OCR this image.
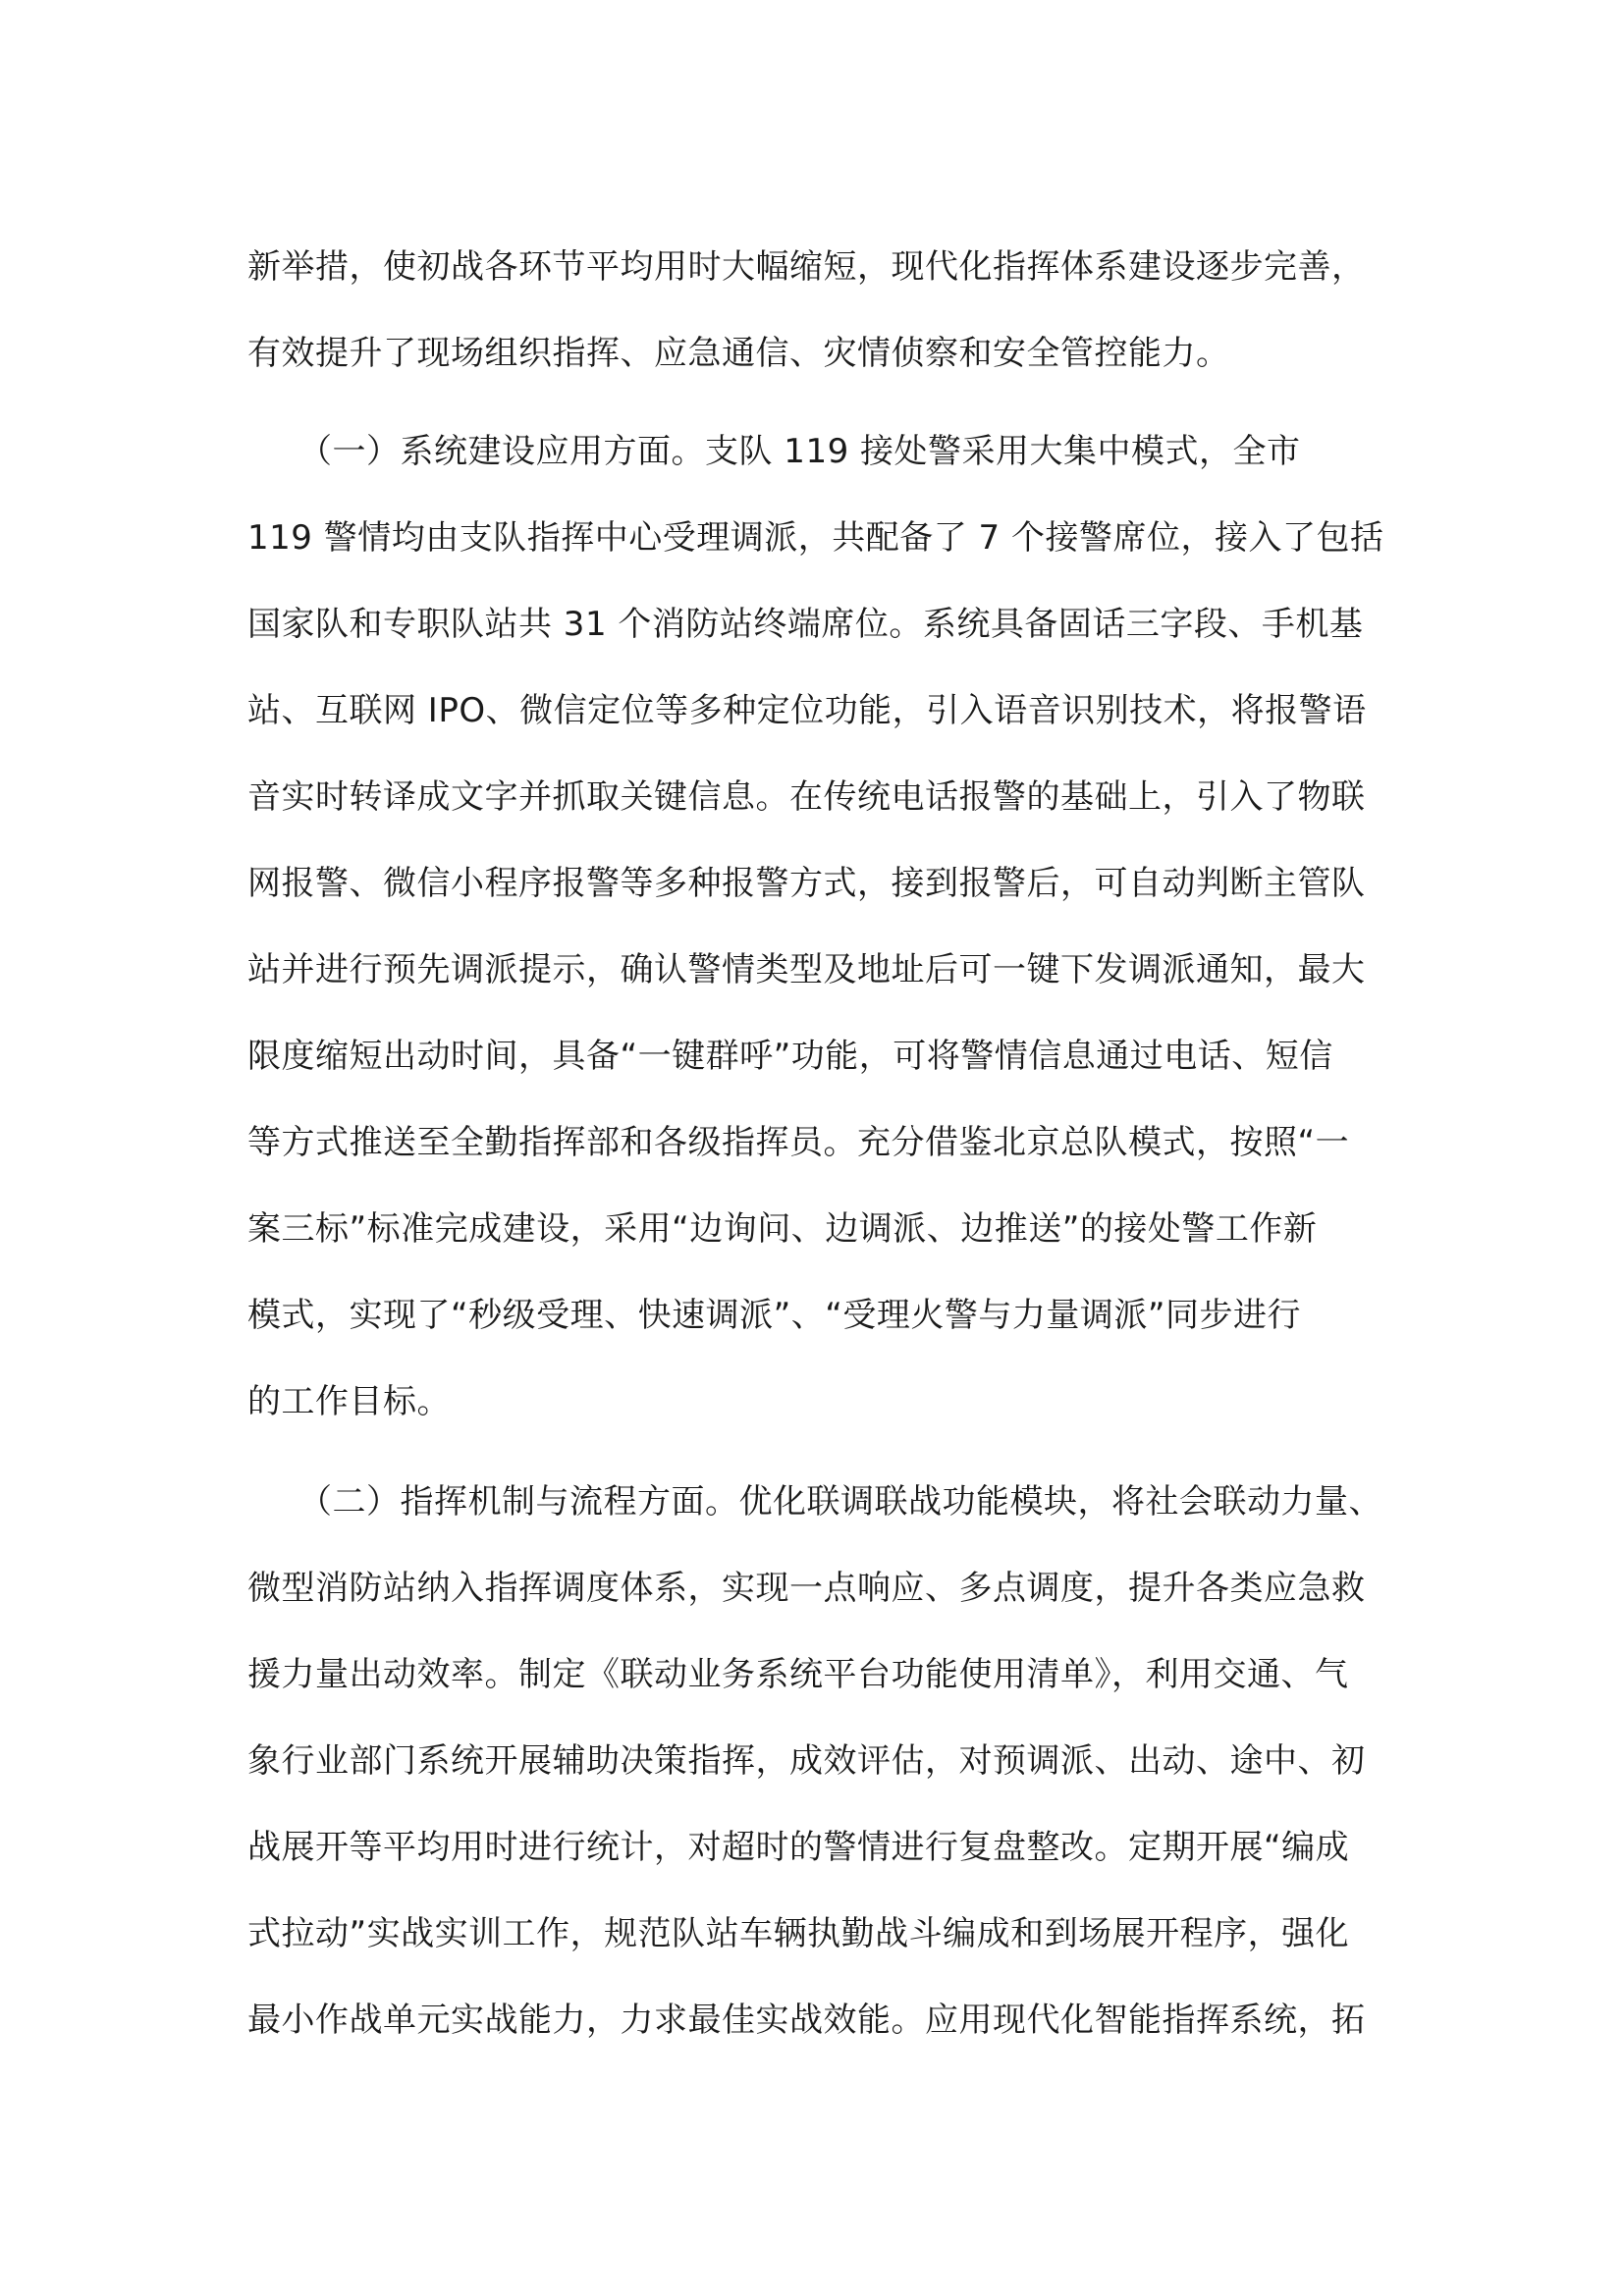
新举措，使初战各环节平均用时大幅缩短，现代化指挥体系建设逐步完善，
有效提升了现场组织指挥、应急通信、灾情侦察和安全管控能力。
　　（一）系统建设应用方面。支队 119 接处警采用大集中模式，全市
119 警情均由支队指挥中心受理调派，共配备了 7 个接警席位，接入了包括
国家队和专职队站共 31 个消防站终端席位。系统具备固话三字段、手机基
站、互联网 IPO、微信定位等多种定位功能，引入语音识别技术，将报警语
音实时转译成文字并抓取关键信息。在传统电话报警的基础上，引入了物联
网报警、微信小程序报警等多种报警方式，接到报警后，可自动判断主管队
站并进行预先调派提示，确认警情类型及地址后可一键下发调派通知，最大
限度缩短出动时间，具备“一键群呼”功能，可将警情信息通过电话、短信
等方式推送至全勤指挥部和各级指挥员。充分借鉴北京总队模式，按照“一
案三标”标准完成建设，采用“边询问、边调派、边推送”的接处警工作新
模式，实现了“秒级受理、快速调派”、“受理火警与力量调派”同步进行
的工作目标。
　　（二）指挥机制与流程方面。优化联调联战功能模块，将社会联动力量、
微型消防站纳入指挥调度体系，实现一点响应、多点调度，提升各类应急救
援力量出动效率。制定《联动业务系统平台功能使用清单》，利用交通、气
象行业部门系统开展辅助决策指挥，成效评估，对预调派、出动、途中、初
战展开等平均用时进行统计，对超时的警情进行复盘整改。定期开展“编成
式拉动”实战实训工作，规范队站车辆执勤战斗编成和到场展开程序，强化
最小作战单元实战能力，力求最佳实战效能。应用现代化智能指挥系统，拓
